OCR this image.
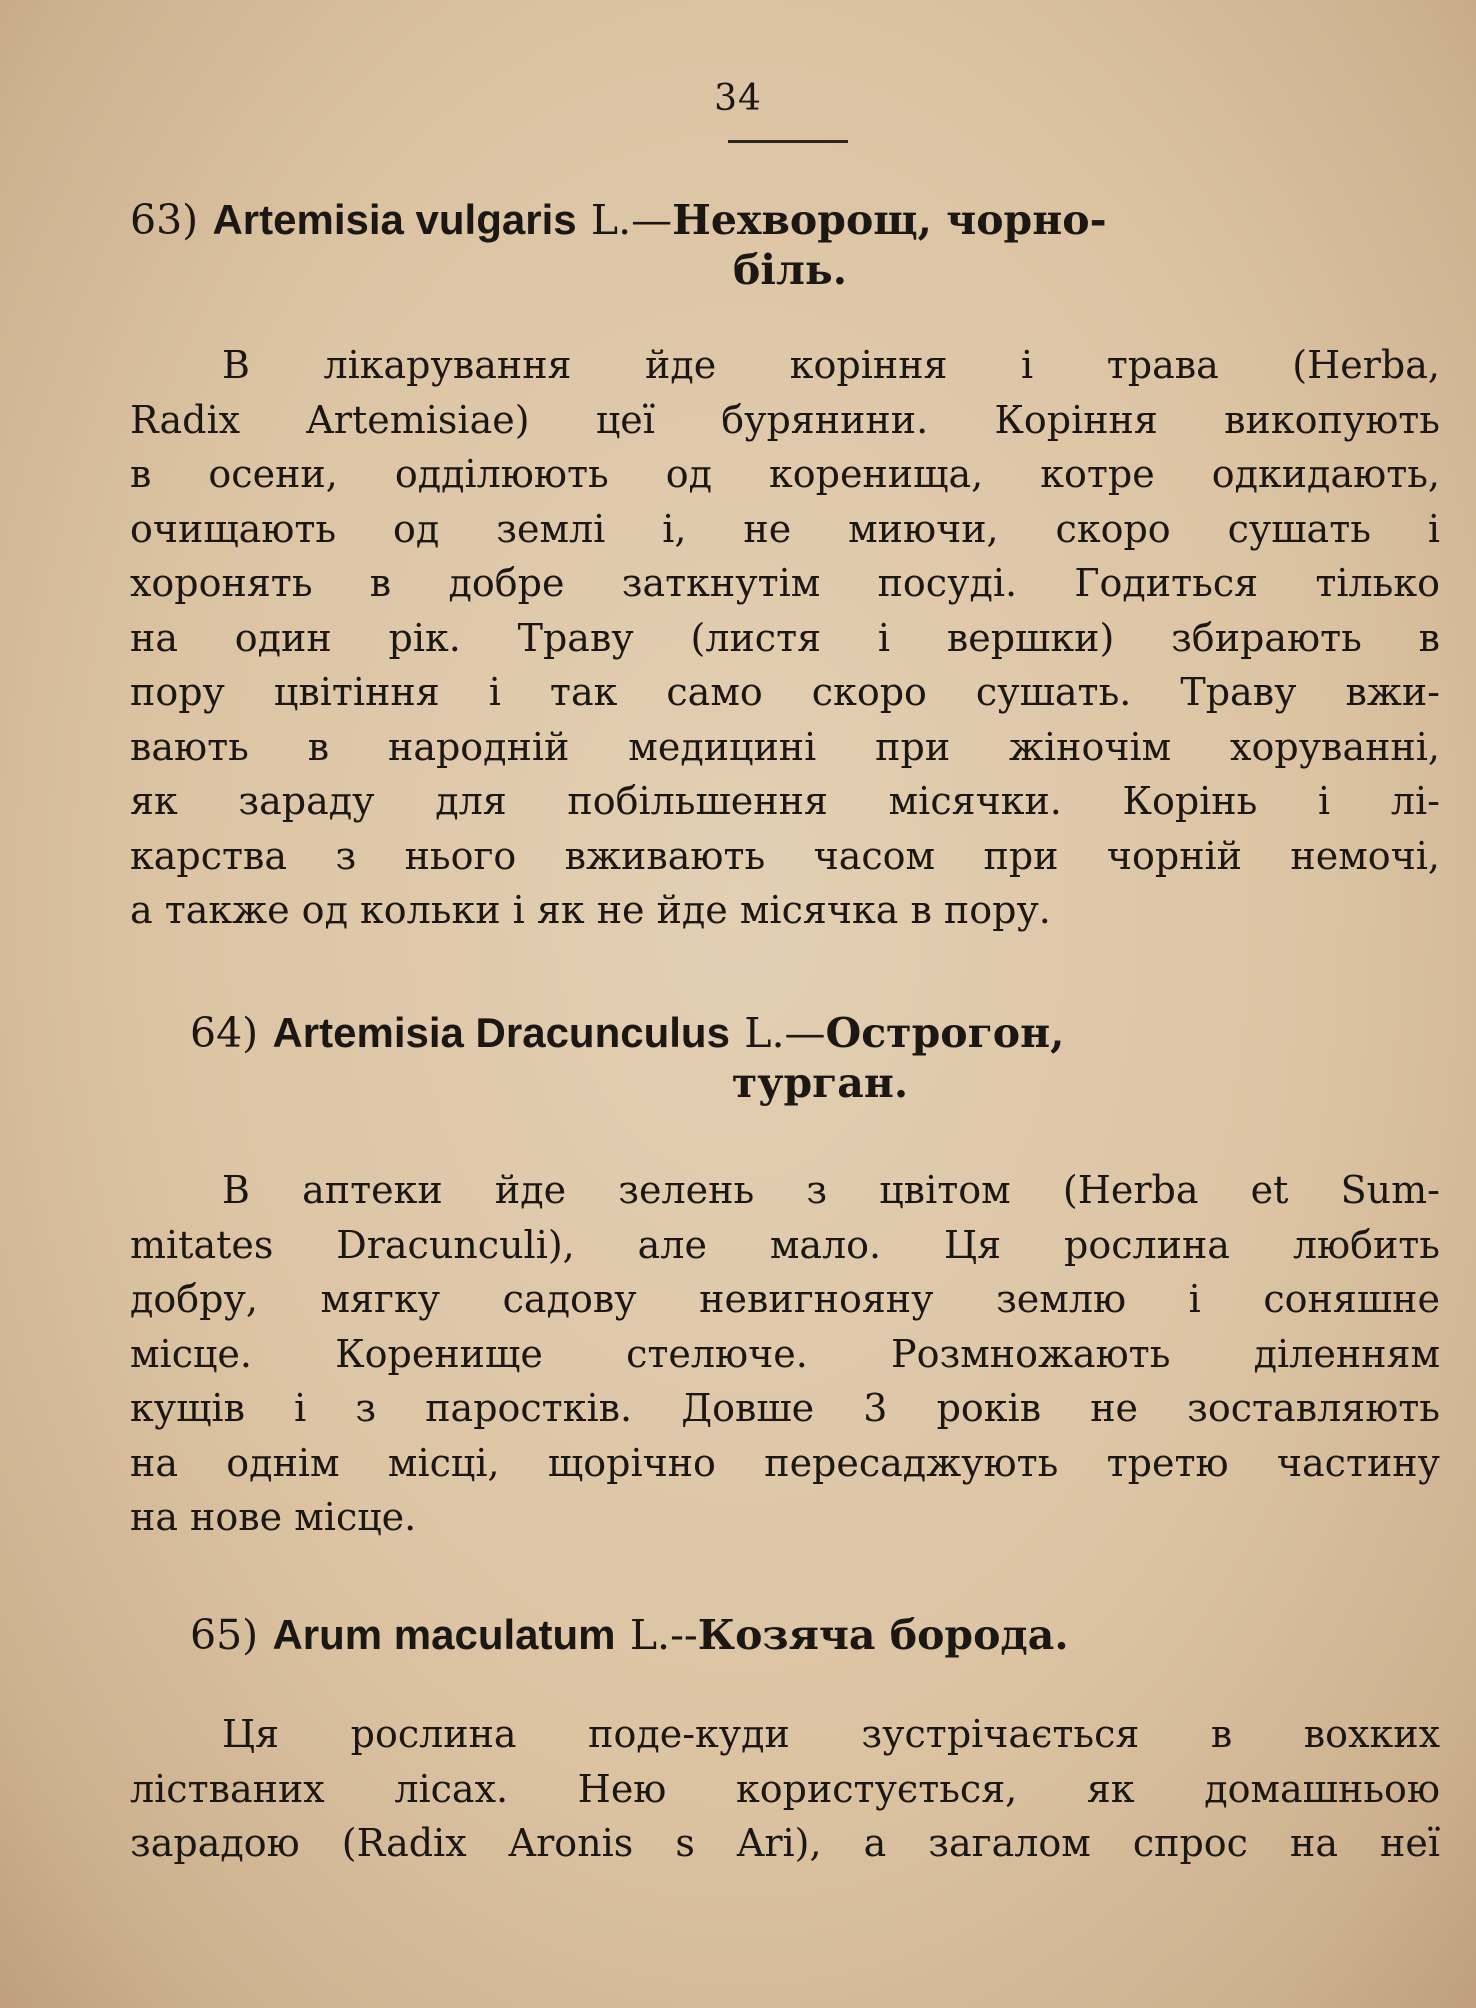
34
63) Artemisia vulgaris L.—Нехворощ, чорно-
біль.
В лікарування йде коріння і трава (Herba,
Radix Artemisiae) цеї бурянини. Коріння викопують
в осени, одділюють од коренища, котре одкидають,
очищають од землі і, не миючи, скоро сушать і
хоронять в добре заткнутім посуді. Годиться тілько
на один рік. Траву (листя і вершки) збирають в
пору цвітіння і так само скоро сушать. Траву вжи-
вають в народній медицині при жіночім хоруванні,
як зараду для побільшення місячки. Корінь і лі-
карства з нього вживають часом при чорній немочі,
а также од кольки і як не йде місячка в пору.
64) Artemisia Dracunculus L.—Острогон,
турган.
В аптеки йде зелень з цвітом (Herba et Sum-
mitates Dracunculi), але мало. Ця рослина любить
добру, мягку садову невигнояну землю і соняшне
місце. Коренище стелюче. Розмножають діленням
кущів і з паростків. Довше 3 років не зоставляють
на однім місці, щорічно пересаджують третю частину
на нове місце.
65) Arum maculatum L.--Козяча борода.
Ця рослина поде-куди зустрічається в вохких
лістваних лісах. Нею користується, як домашньою
зарадою (Radix Aronis s Ari), а загалом спрос на неї
